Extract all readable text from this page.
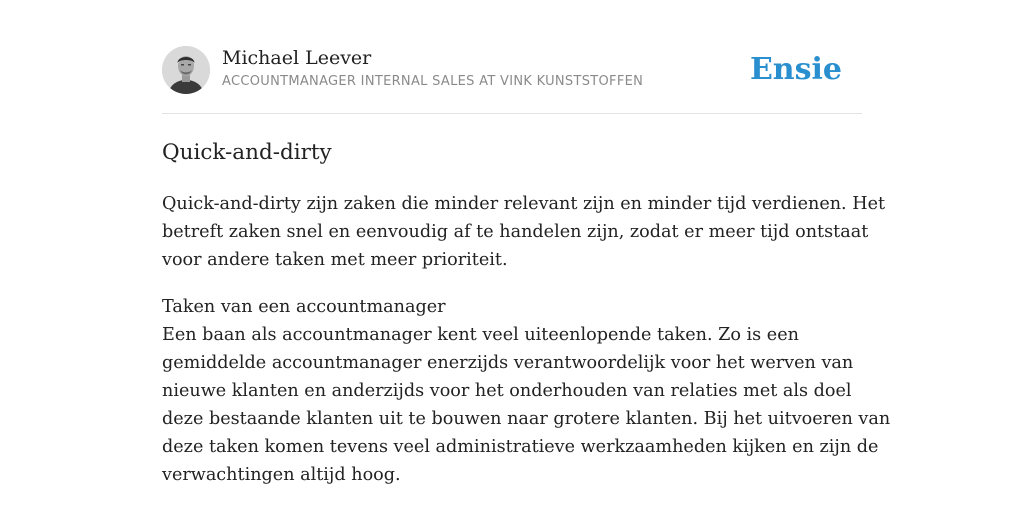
Michael Leever
ACCOUNTMANAGER INTERNAL SALES AT VINK KUNSTSTOFFEN	Ensie
Quick-and-dirty

Quick-and-dirty zijn zaken die minder relevant zijn en minder tijd verdienen. Het
betreft zaken snel en eenvoudig af te handelen zijn, zodat er meer tijd ontstaat
voor andere taken met meer prioriteit.

Taken van een accountmanager
Een baan als accountmanager kent veel uiteenlopende taken. Zo is een
gemiddelde accountmanager enerzijds verantwoordelijk voor het werven van
nieuwe klanten en anderzijds voor het onderhouden van relaties met als doel
deze bestaande klanten uit te bouwen naar grotere klanten. Bij het uitvoeren van
deze taken komen tevens veel administratieve werkzaamheden kijken en zijn de
verwachtingen altijd hoog.
